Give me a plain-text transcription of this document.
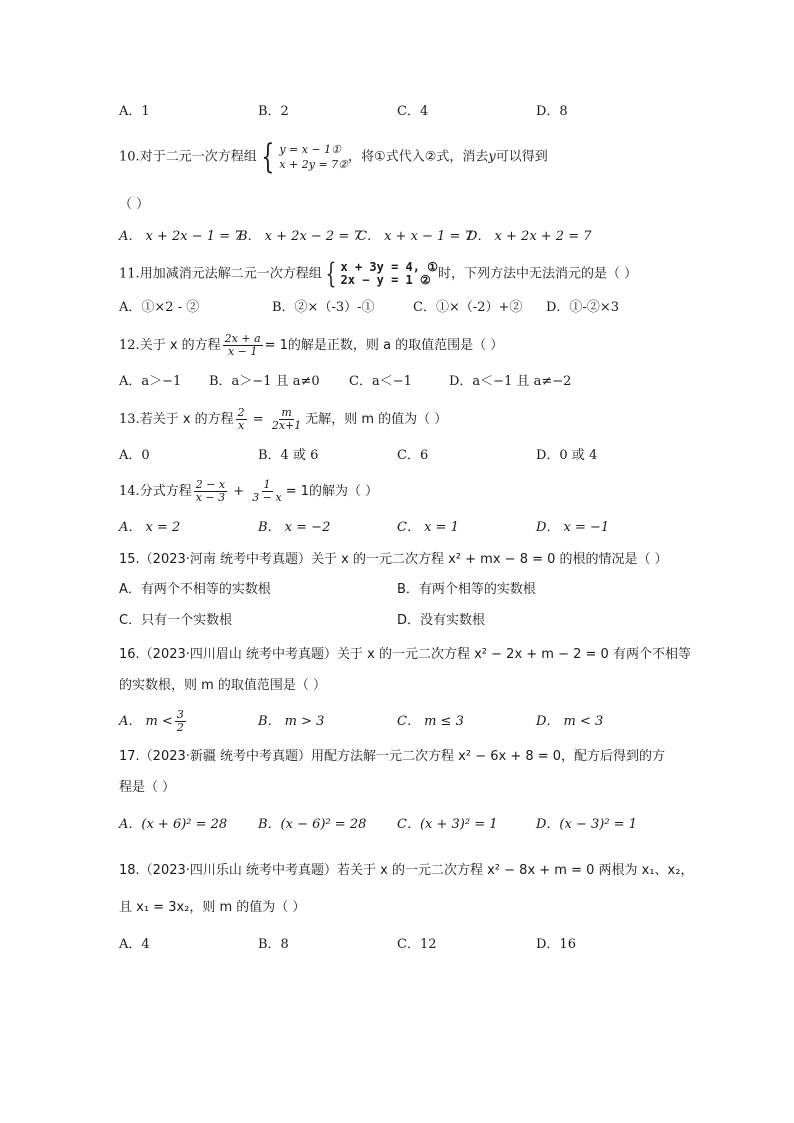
A．1	B．2	C．4	D．8
10.对于二元一次方程组 { y = x − 1①
x + 2y = 7② ，将①式代入②式，消去y可以得到
（ ）
A． x + 2x − 1 = 7
B． x + 2x − 2 = 7
C． x + x − 1 = 7
D． x + 2x + 2 = 7
11.用加减消元法解二元一次方程组 { x + 3y = 4, ①
2x − y = 1 ② 时，下列方法中无法消元的是（ ）
A．①×2 - ②	B．②×（-3）-①	C．①×（-2）+② D．①-②×3
12.关于 x 的方程 $\frac{2x + a}{x - 1} = 1$的解是正数，则 a 的取值范围是（ ）
A．a＞−1 B．a＞−1 且 a≠0 C．a＜−1	D．a＜−1 且 a≠−2
13.若关于 x 的方程 $\frac{2}{x} = \frac{m}{2x+1}$ 无解，则 m 的值为（ ）
A．0	B．4 或 6	C．6	D．0 或 4
14.分式方程 $\frac{2 - x}{x - 3} + \frac{1}{3 - x} = 1$的解为（ ）
A． x = 2	B． x = −2	C． x = 1	D． x = −1
15.（2023·河南 统考中考真题）关于 x 的一元二次方程 x² + mx − 8 = 0 的根的情况是（ ）
A．有两个不相等的实数根	B．有两个相等的实数根
C．只有一个实数根	D．没有实数根
16.（2023·四川眉山 统考中考真题）关于 x 的一元二次方程 x² − 2x + m − 2 = 0 有两个不相等
的实数根，则 m 的取值范围是（ ）
A． $m < \frac{3}{2}$	B． m > 3	C． m ≤ 3	D． m < 3
17.（2023·新疆 统考中考真题）用配方法解一元二次方程 x² − 6x + 8 = 0，配方后得到的方
程是（ ）
A．(x + 6)² = 28 B．(x − 6)² = 28 C．(x + 3)² = 1	D．(x − 3)² = 1
18.（2023·四川乐山 统考中考真题）若关于 x 的一元二次方程 x² − 8x + m = 0 两根为 x₁、x₂，
且 x₁ = 3x₂，则 m 的值为（ ）
A．4	B．8	C．12	D．16
